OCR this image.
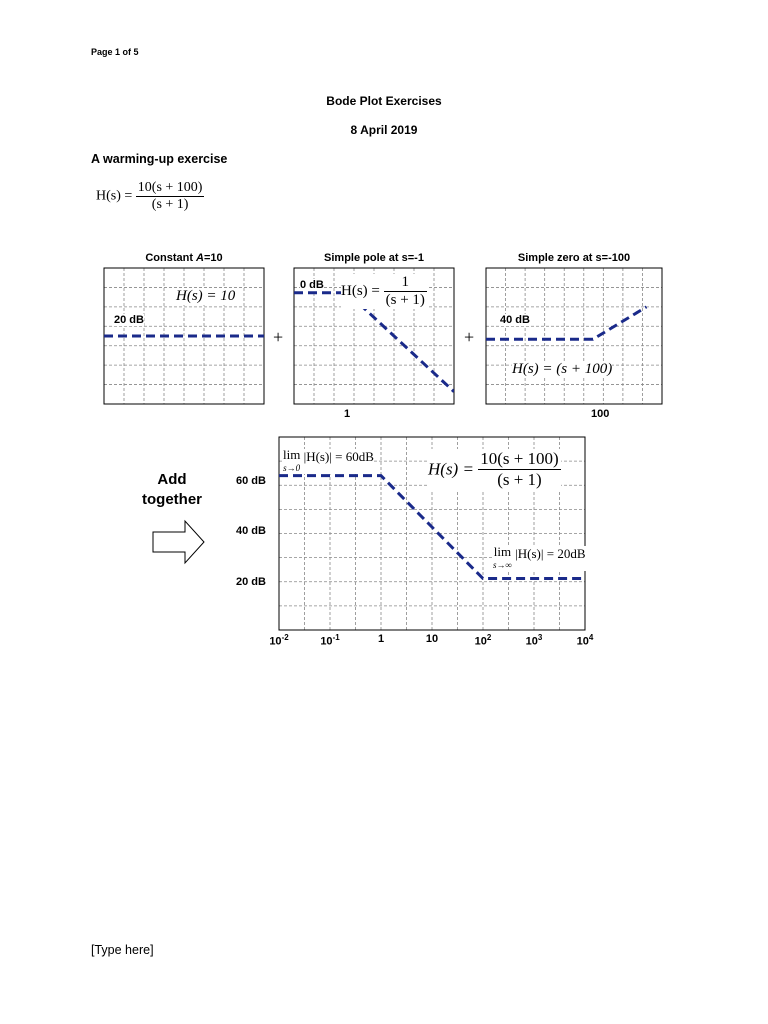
Page 1 of 5
Bode Plot Exercises
8 April 2019
A warming-up exercise
$H(s) = \frac{10(s + 100)}{(s + 1)}$
Constant A=10	Simple pole at s=-1	Simple zero at s=-100
20 dB
H(s) = 10
0 dB $H(s) = \frac{1}{(s + 1)}$
1
40 dB
H(s) = (s + 100)
100
+	+
Add
together
60 dB
40 dB
20 dB
$10^{-2}$	$10^{-1}$	1	10	$10^2$	$10^3$	$10^4$
lim
s→0 |H(s)| = 60dB
$H(s) = \frac{10(s + 100)}{(s + 1)}$
lim
s→∞ |H(s)| = 20dB
[Type here]
